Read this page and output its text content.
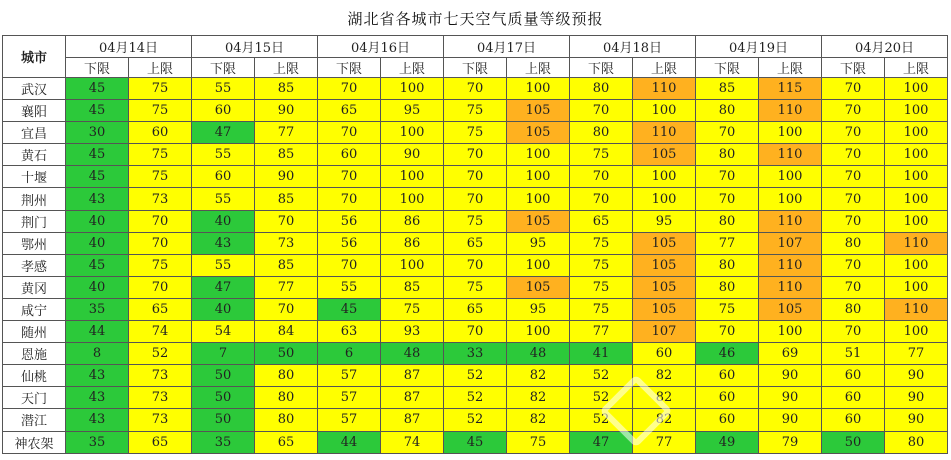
湖北省各城市七天空气质量等级预报
城市	04月14日		04月15日		04月16日		04月17日		04月18日		04月19日		04月20日	
	下限	上限	下限	上限	下限	上限	下限	上限	下限	上限	下限	上限	下限	上限
武汉	45	75	55	85	70	100	70	100	80	110	85	115	70	100
襄阳	45	75	60	90	65	95	75	105	70	100	80	110	70	100
宜昌	30	60	47	77	70	100	75	105	80	110	70	100	70	100
黄石	45	75	55	85	60	90	70	100	75	105	80	110	70	100
十堰	45	75	60	90	70	100	70	100	70	100	70	100	70	100
荆州	43	73	55	85	70	100	70	100	70	100	70	100	70	100
荆门	40	70	40	70	56	86	75	105	65	95	80	110	70	100
鄂州	40	70	43	73	56	86	65	95	75	105	77	107	80	110
孝感	45	75	55	85	70	100	70	100	75	105	80	110	70	100
黄冈	40	70	47	77	55	85	75	105	75	105	80	110	70	100
咸宁	35	65	40	70	45	75	65	95	75	105	75	105	80	110
随州	44	74	54	84	63	93	70	100	77	107	70	100	70	100
恩施	8	52	7	50	6	48	33	48	41	60	46	69	51	77
仙桃	43	73	50	80	57	87	52	82	52	82	60	90	60	90
天门	43	73	50	80	57	87	52	82	52	82	60	90	60	90
潜江	43	73	50	80	57	87	52	82	52	82	60	90	60	90
神农架	35	65	35	65	44	74	45	75	47	77	49	79	50	80
